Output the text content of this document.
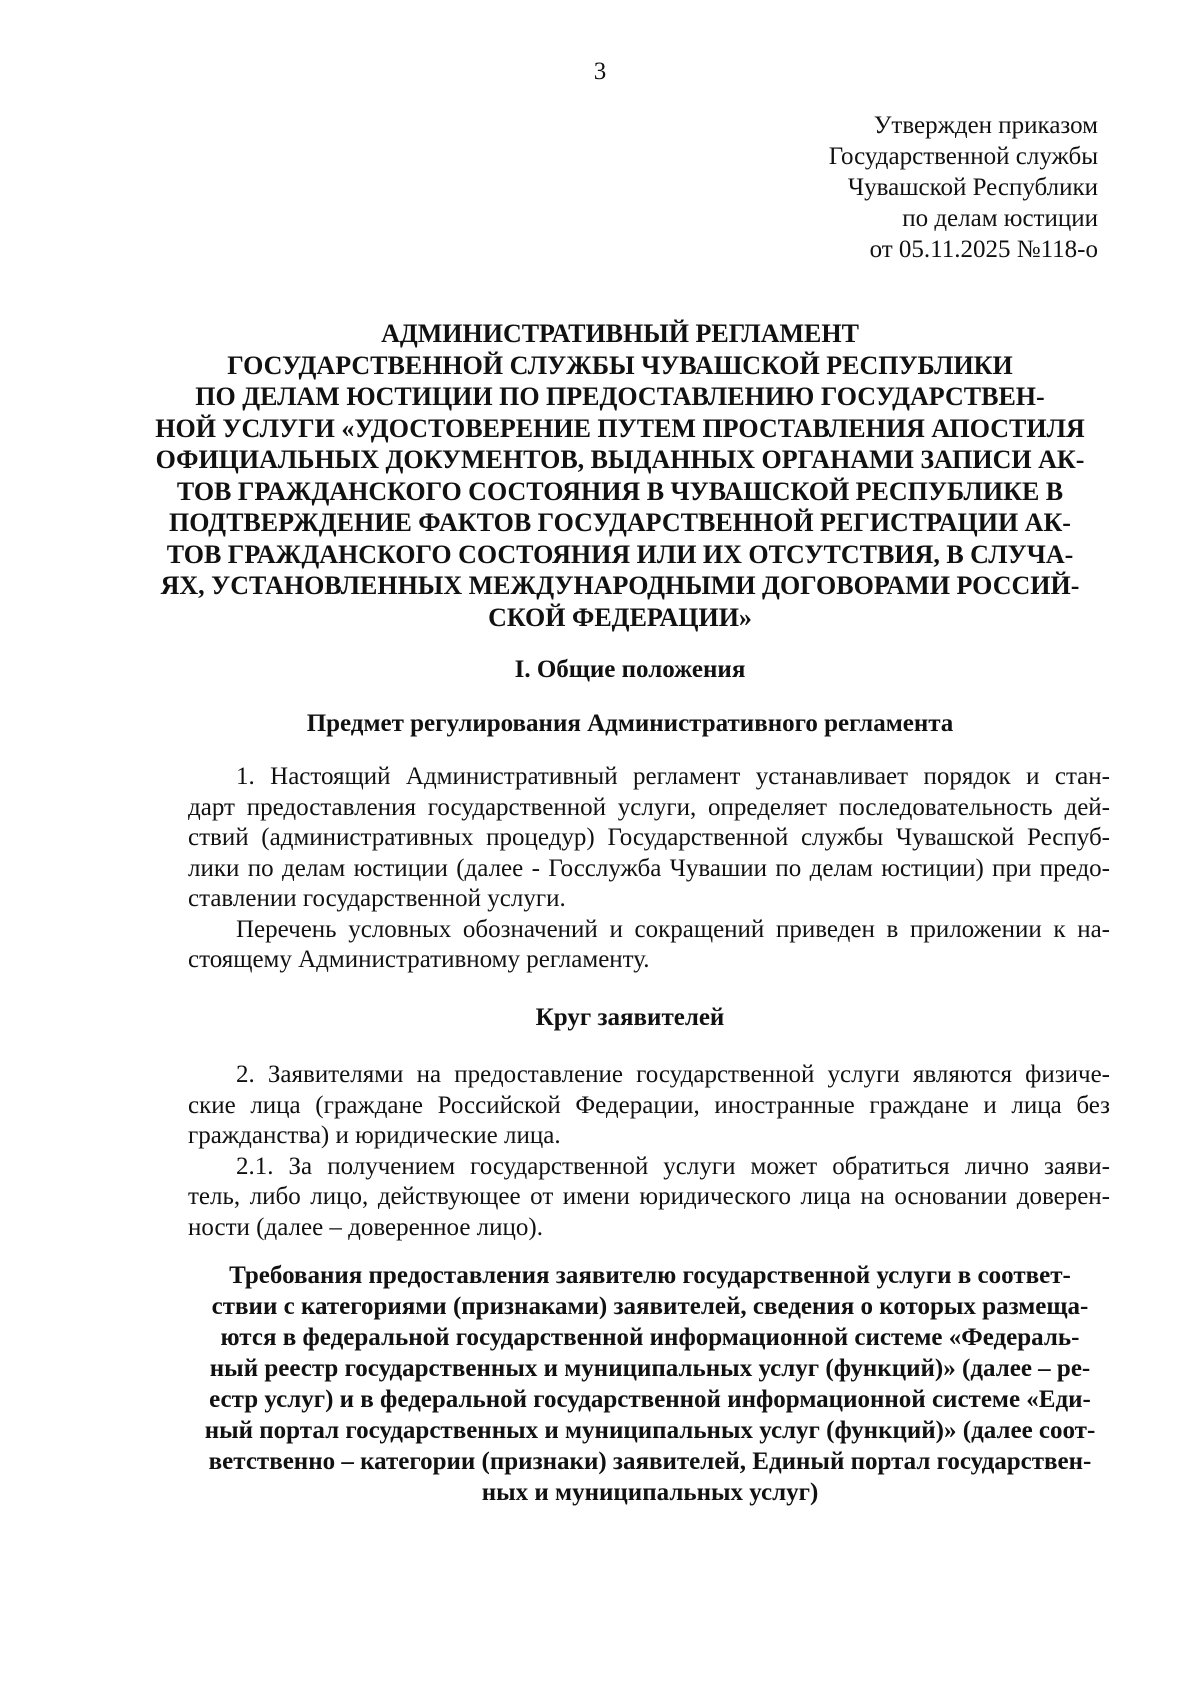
3
Утвержден приказом
Государственной службы
Чувашской Республики
по делам юстиции
от 05.11.2025 №118-о
АДМИНИСТРАТИВНЫЙ РЕГЛАМЕНТ
ГОСУДАРСТВЕННОЙ СЛУЖБЫ ЧУВАШСКОЙ РЕСПУБЛИКИ
ПО ДЕЛАМ ЮСТИЦИИ ПО ПРЕДОСТАВЛЕНИЮ ГОСУДАРСТВЕН-
НОЙ УСЛУГИ «УДОСТОВЕРЕНИЕ ПУТЕМ ПРОСТАВЛЕНИЯ АПОСТИЛЯ
ОФИЦИАЛЬНЫХ ДОКУМЕНТОВ, ВЫДАННЫХ ОРГАНАМИ ЗАПИСИ АК-
ТОВ ГРАЖДАНСКОГО СОСТОЯНИЯ В ЧУВАШСКОЙ РЕСПУБЛИКЕ В
ПОДТВЕРЖДЕНИЕ ФАКТОВ ГОСУДАРСТВЕННОЙ РЕГИСТРАЦИИ АК-
ТОВ ГРАЖДАНСКОГО СОСТОЯНИЯ ИЛИ ИХ ОТСУТСТВИЯ, В СЛУЧА-
ЯХ, УСТАНОВЛЕННЫХ МЕЖДУНАРОДНЫМИ ДОГОВОРАМИ РОССИЙ-
СКОЙ ФЕДЕРАЦИИ»
I. Общие положения
Предмет регулирования Административного регламента
1. Настоящий Административный регламент устанавливает порядок и стан-
дарт предоставления государственной услуги, определяет последовательность дей-
ствий (административных процедур) Государственной службы Чувашской Респуб-
лики по делам юстиции (далее - Госслужба Чувашии по делам юстиции) при предо-
ставлении государственной услуги.
Перечень условных обозначений и сокращений приведен в приложении к на-
стоящему Административному регламенту.
Круг заявителей
2. Заявителями на предоставление государственной услуги являются физиче-
ские лица (граждане Российской Федерации, иностранные граждане и лица без
гражданства) и юридические лица.
2.1. За получением государственной услуги может обратиться лично заяви-
тель, либо лицо, действующее от имени юридического лица на основании доверен-
ности (далее – доверенное лицо).
Требования предоставления заявителю государственной услуги в соответ-
ствии с категориями (признаками) заявителей, сведения о которых размеща-
ются в федеральной государственной информационной системе «Федераль-
ный реестр государственных и муниципальных услуг (функций)» (далее – ре-
естр услуг) и в федеральной государственной информационной системе «Еди-
ный портал государственных и муниципальных услуг (функций)» (далее соот-
ветственно – категории (признаки) заявителей, Единый портал государствен-
ных и муниципальных услуг)
